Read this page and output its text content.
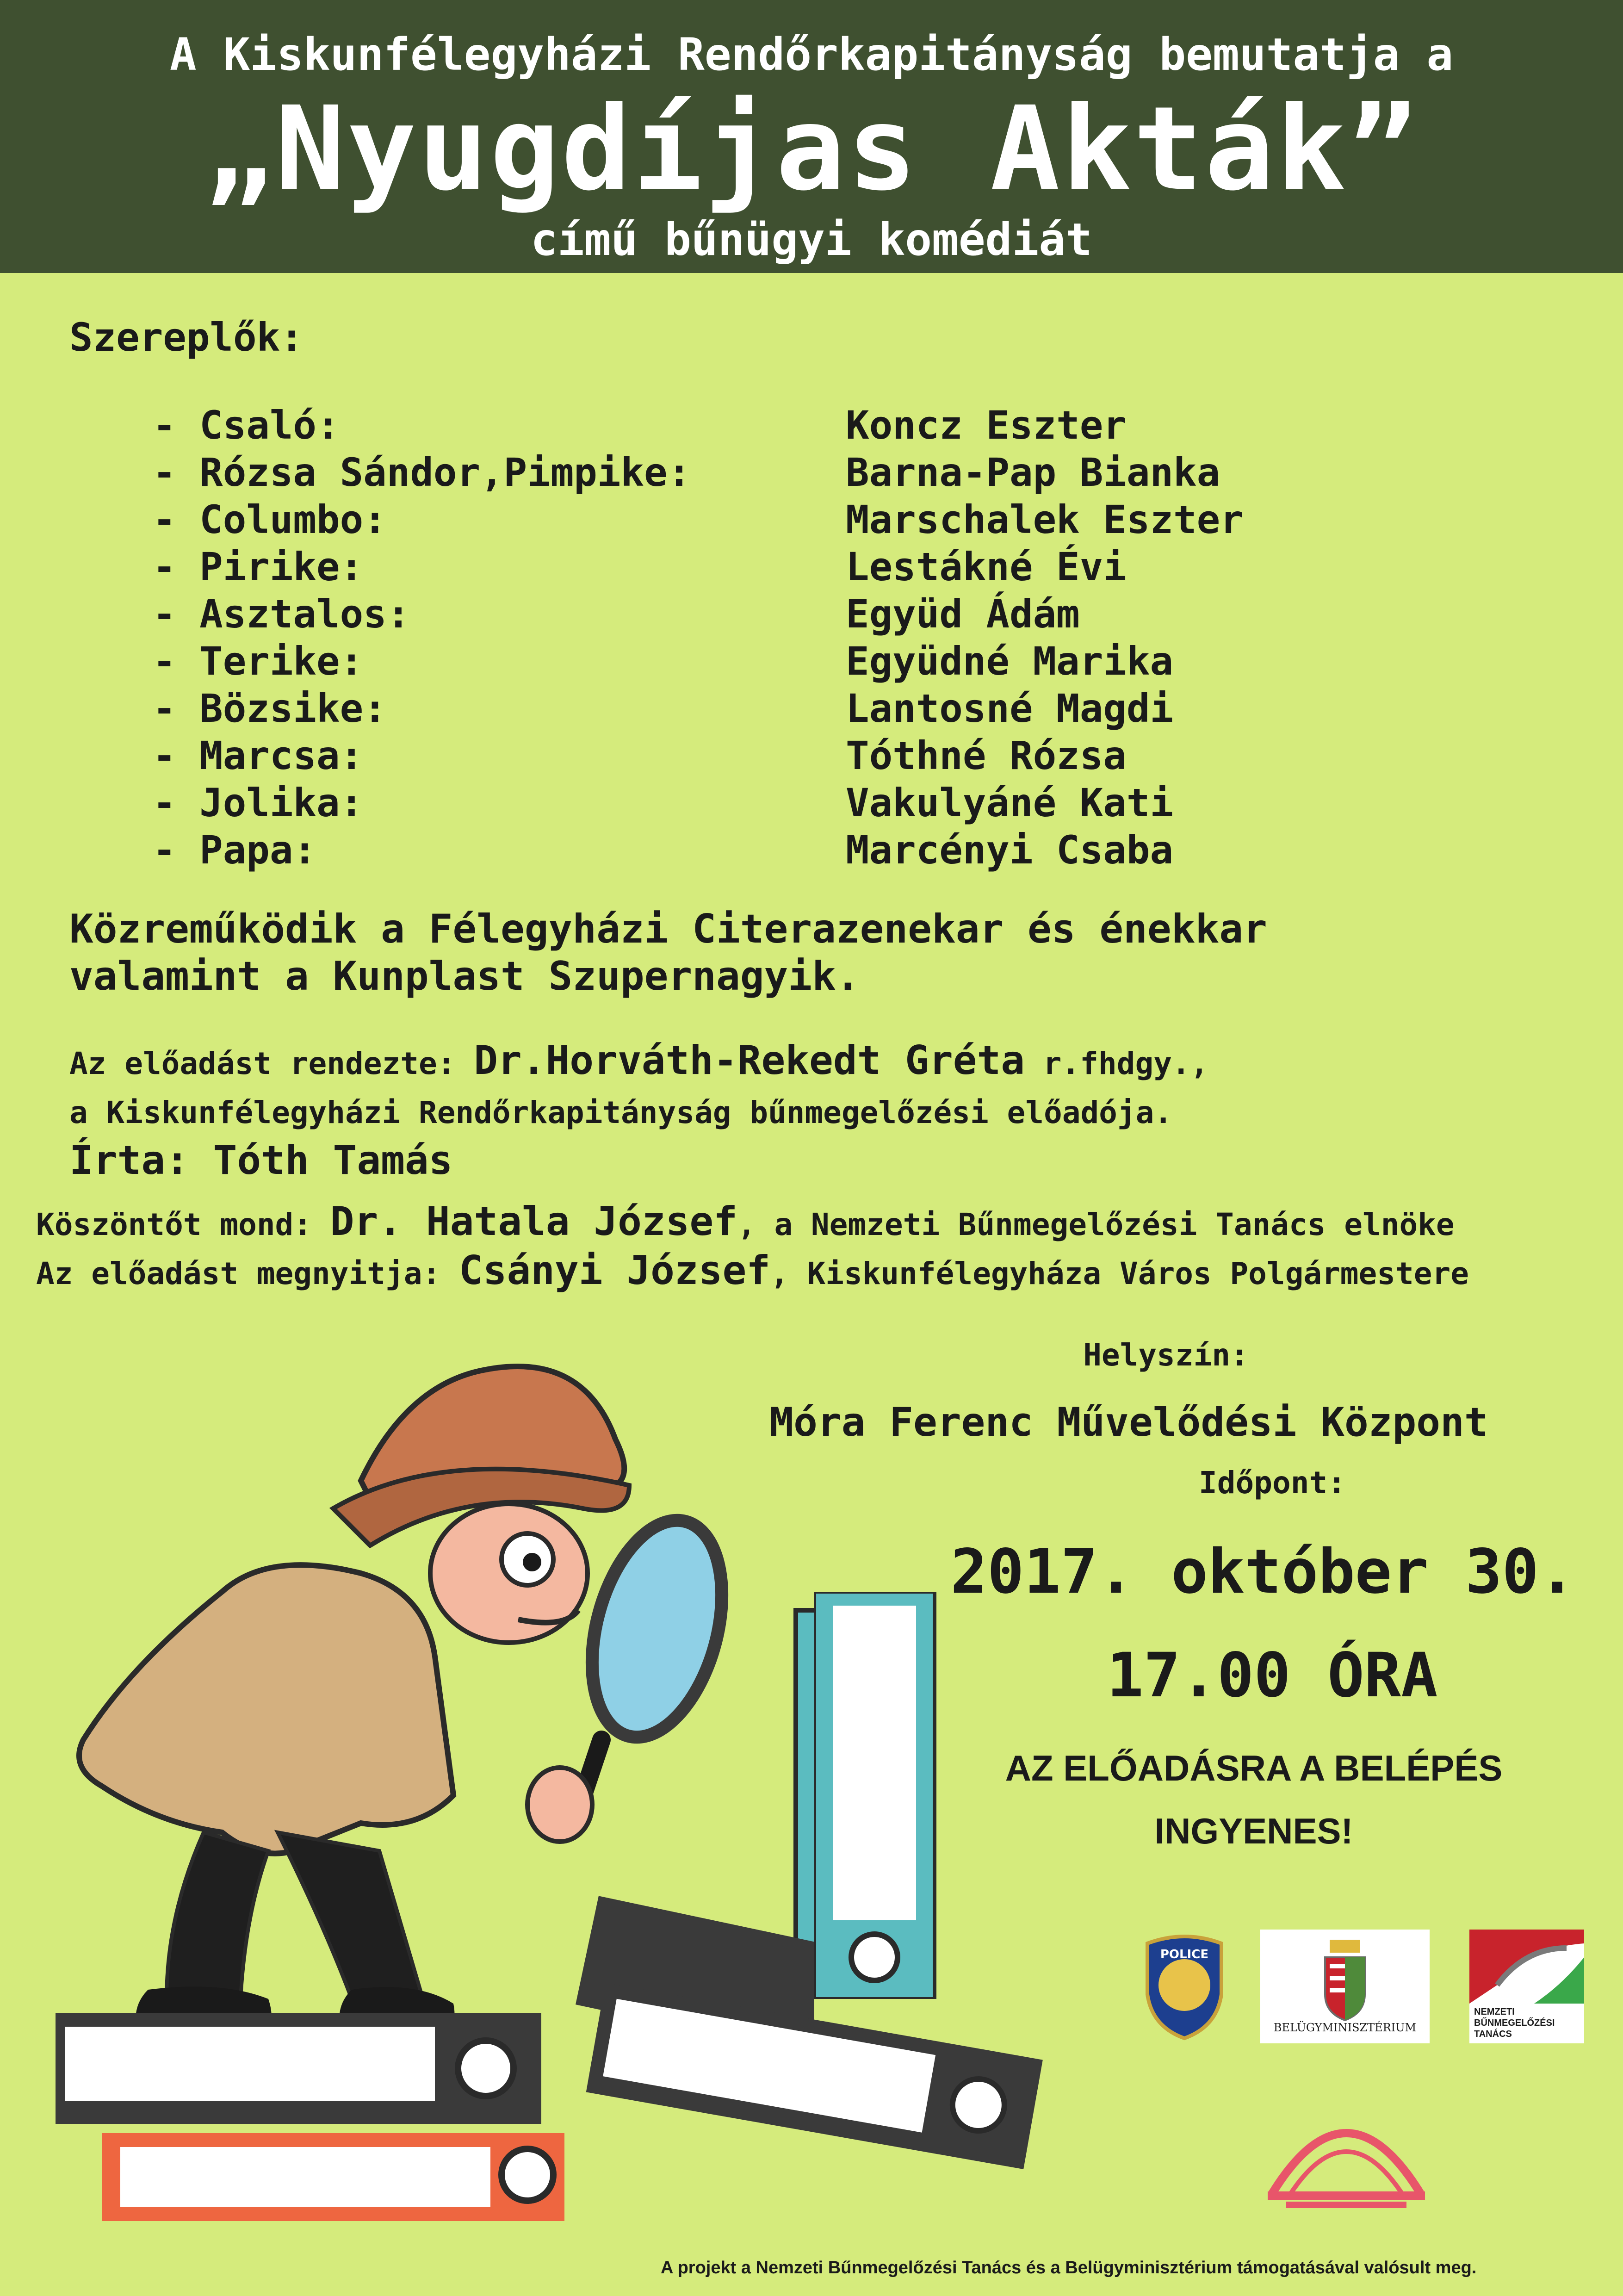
A Kiskunfélegyházi Rendőrkapitányság bemutatja a
„Nyugdíjas Akták”
című bűnügyi komédiát
Szereplők:
- Csaló:	Koncz Eszter
- Rózsa Sándor,Pimpike:	Barna-Pap Bianka
- Columbo:	Marschalek Eszter
- Pirike:	Lestákné Évi
- Asztalos:	Együd Ádám
- Terike:	Együdné Marika
- Bözsike:	Lantosné Magdi
- Marcsa:	Tóthné Rózsa
- Jolika:	Vakulyáné Kati
- Papa:	Marcényi Csaba
Közreműködik a Félegyházi Citerazenekar és énekkar
valamint a Kunplast Szupernagyik.
Az előadást rendezte: Dr.Horváth-Rekedt Gréta r.fhdgy.,
a Kiskunfélegyházi Rendőrkapitányság bűnmegelőzési előadója.
Írta: Tóth Tamás
Köszöntőt mond: Dr. Hatala József, a Nemzeti Bűnmegelőzési Tanács elnöke
Az előadást megnyitja: Csányi József, Kiskunfélegyháza Város Polgármestere
Helyszín:
Móra Ferenc Művelődési Központ
Időpont:
2017. október 30.
17.00 ÓRA
AZ ELŐADÁSRA A BELÉPÉS
INGYENES!
POLICE
BELÜGYMINISZTÉRIUM
NEMZETI
BŰNMEGELŐZÉSI
TANÁCS
A projekt a Nemzeti Bűnmegelőzési Tanács és a Belügyminisztérium támogatásával valósult meg.
